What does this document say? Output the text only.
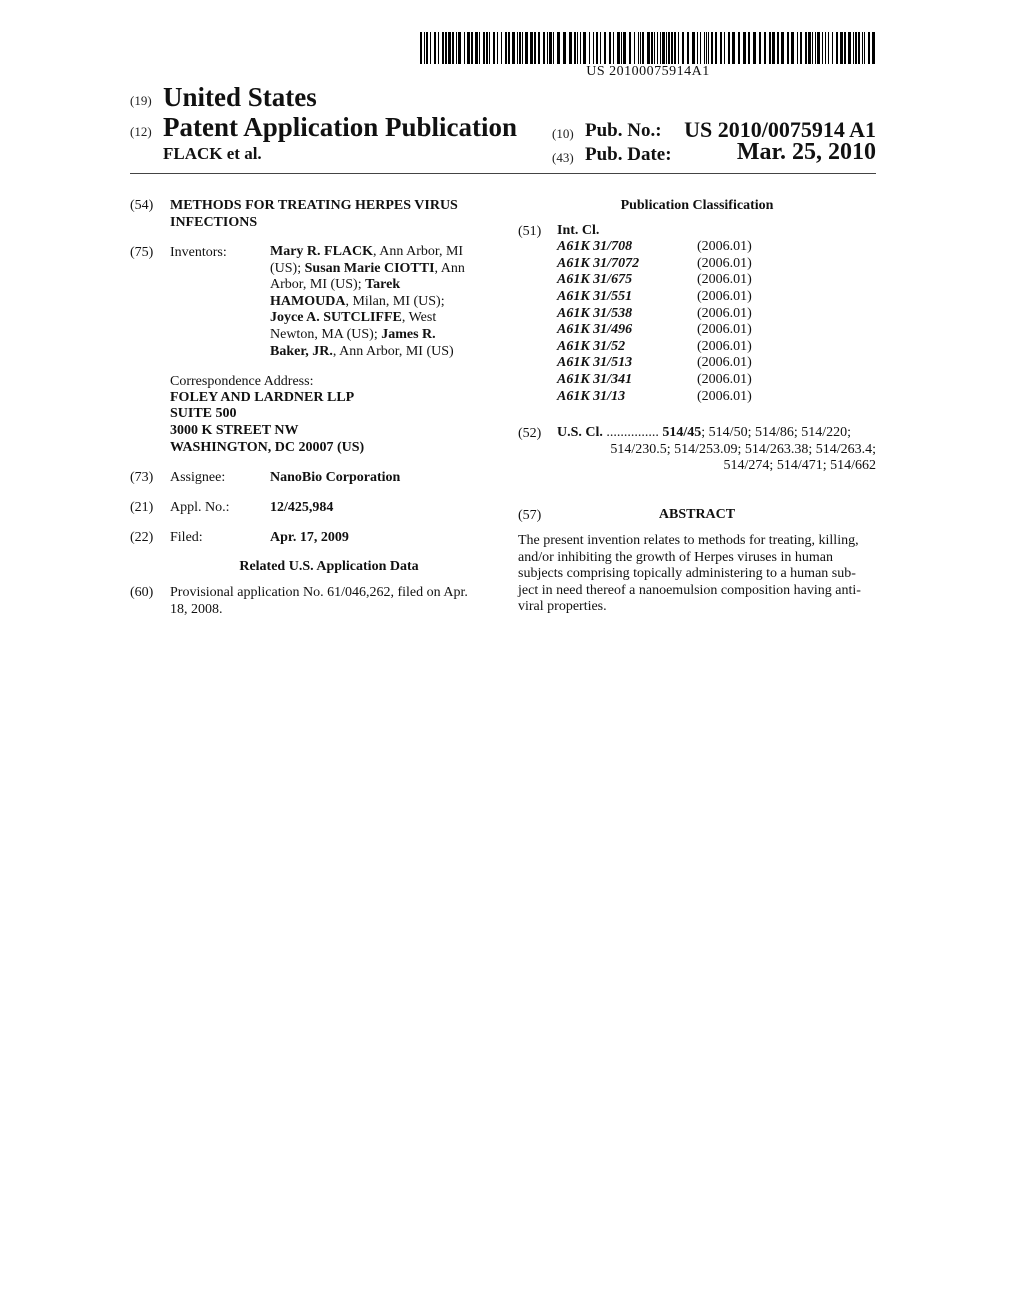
US 20100075914A1
(19) United States
(12) Patent Application Publication
FLACK et al.
(10) Pub. No.:	US 2010/0075914 A1
(43) Pub. Date:	Mar. 25, 2010
(54) METHODS FOR TREATING HERPES VIRUS
INFECTIONS
(75) Inventors:	Mary R. FLACK, Ann Arbor, MI
(US); Susan Marie CIOTTI, Ann
Arbor, MI (US); Tarek
HAMOUDA, Milan, MI (US);
Joyce A. SUTCLIFFE, West
Newton, MA (US); James R.
Baker, JR., Ann Arbor, MI (US)
Correspondence Address:
FOLEY AND LARDNER LLP
SUITE 500
3000 K STREET NW
WASHINGTON, DC 20007 (US)
(73) Assignee:	NanoBio Corporation
(21) Appl. No.:	12/425,984
(22) Filed:	Apr. 17, 2009
Related U.S. Application Data
(60) Provisional application No. 61/046,262, filed on Apr.
18, 2008.
Publication Classification
(51) Int. Cl.
A61K 31/708	(2006.01)
A61K 31/7072	(2006.01)
A61K 31/675	(2006.01)
A61K 31/551	(2006.01)
A61K 31/538	(2006.01)
A61K 31/496	(2006.01)
A61K 31/52	(2006.01)
A61K 31/513	(2006.01)
A61K 31/341	(2006.01)
A61K 31/13	(2006.01)
(52) U.S. Cl. ............... 514/45; 514/50; 514/86; 514/220;
514/230.5; 514/253.09; 514/263.38; 514/263.4;
514/274; 514/471; 514/662
(57)	ABSTRACT
The present invention relates to methods for treating, killing,
and/or inhibiting the growth of Herpes viruses in human
subjects comprising topically administering to a human sub-
ject in need thereof a nanoemulsion composition having anti-
viral properties.
